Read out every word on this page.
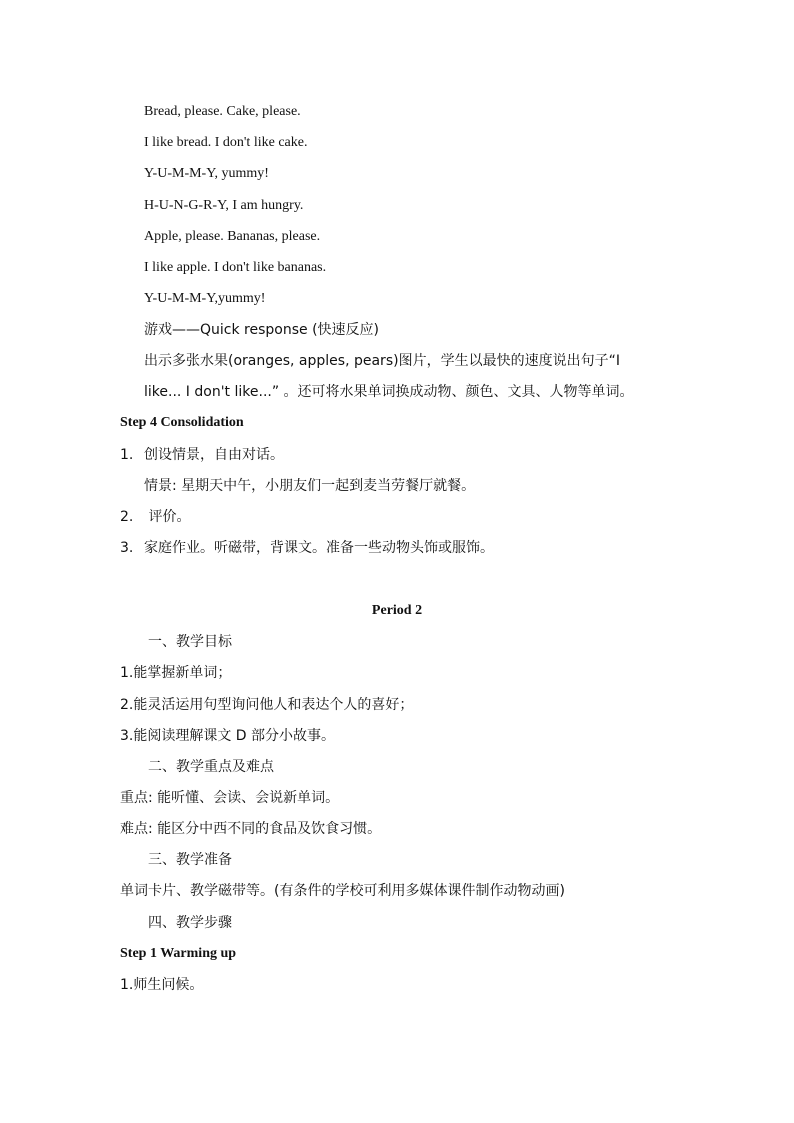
Bread, please. Cake, please.
I like bread. I don't like cake.
Y-U-M-M-Y, yummy!
H-U-N-G-R-Y, I am hungry.
Apple, please. Bananas, please.
I like apple. I don't like bananas.
Y-U-M-M-Y,yummy!
游戏——Quick response (快速反应)
出示多张水果(oranges, apples, pears)图片，学生以最快的速度说出句子“I
like... I don't like...” 。还可将水果单词换成动物、颜色、文具、人物等单词。
Step 4 Consolidation
1. 创设情景，自由对话。
情景: 星期天中午，小朋友们一起到麦当劳餐厅就餐。
2. 评价。
3. 家庭作业。听磁带，背课文。准备一些动物头饰或服饰。
Period 2
一、教学目标
1.能掌握新单词；
2.能灵活运用句型询问他人和表达个人的喜好；
3.能阅读理解课文 D 部分小故事。
二、教学重点及难点
重点: 能听懂、会读、会说新单词。
难点: 能区分中西不同的食品及饮食习惯。
三、教学准备
单词卡片、教学磁带等。(有条件的学校可利用多媒体课件制作动物动画)
四、教学步骤
Step 1 Warming up
1.师生问候。
